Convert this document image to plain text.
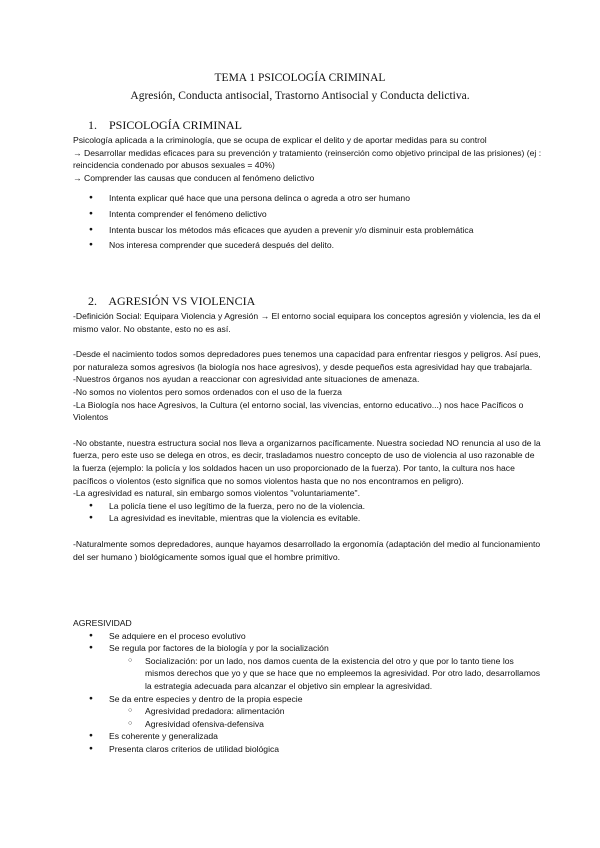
TEMA 1 PSICOLOGÍA CRIMINAL
Agresión, Conducta antisocial, Trastorno Antisocial y Conducta delictiva.
1. PSICOLOGÍA CRIMINAL

Psicología aplicada a la criminología, que se ocupa de explicar el delito y de aportar medidas para su control

→ Desarrollar medidas eficaces para su prevención y tratamiento (reinserción como objetivo principal de las prisiones) (ej : reincidencia condenado por abusos sexuales = 40%)

→ Comprender las causas que conducen al fenómeno delictivo

● Intenta explicar qué hace que una persona delinca o agreda a otro ser humano
● Intenta comprender el fenómeno delictivo
● Intenta buscar los métodos más eficaces que ayuden a prevenir y/o disminuir esta problemática
● Nos interesa comprender que sucederá después del delito.
2. AGRESIÓN VS VIOLENCIA

-Definición Social: Equipara Violencia y Agresión → El entorno social equipara los conceptos agresión y violencia, les da el mismo valor. No obstante, esto no es así.

-Desde el nacimiento todos somos depredadores pues tenemos una capacidad para enfrentar riesgos y peligros. Así pues, por naturaleza somos agresivos (la biología nos hace agresivos), y desde pequeños esta agresividad hay que trabajarla.

-Nuestros órganos nos ayudan a reaccionar con agresividad ante situaciones de amenaza.

-No somos no violentos pero somos ordenados con el uso de la fuerza

-La Biología nos hace Agresivos, la Cultura (el entorno social, las vivencias, entorno educativo...) nos hace Pacíficos o Violentos

-No obstante, nuestra estructura social nos lleva a organizarnos pacíficamente. Nuestra sociedad NO renuncia al uso de la fuerza, pero este uso se delega en otros, es decir, trasladamos nuestro concepto de uso de violencia al uso razonable de la fuerza (ejemplo: la policía y los soldados hacen un uso proporcionado de la fuerza). Por tanto, la cultura nos hace pacíficos o violentos (esto significa que no somos violentos hasta que no nos encontramos en peligro).

-La agresividad es natural, sin embargo somos violentos "voluntariamente".

● La policía tiene el uso legítimo de la fuerza, pero no de la violencia.
● La agresividad es inevitable, mientras que la violencia es evitable.

-Naturalmente somos depredadores, aunque hayamos desarrollado la ergonomía (adaptación del medio al funcionamiento del ser humano ) biológicamente somos igual que el hombre primitivo.

AGRESIVIDAD

● Se adquiere en el proceso evolutivo
● Se regula por factores de la biología y por la socialización
○ Socialización: por un lado, nos damos cuenta de la existencia del otro y que por lo tanto tiene los mismos derechos que yo y que se hace que no empleemos la agresividad. Por otro lado, desarrollamos la estrategia adecuada para alcanzar el objetivo sin emplear la agresividad.
● Se da entre especies y dentro de la propia especie
○ Agresividad predadora: alimentación
○ Agresividad ofensiva-defensiva
● Es coherente y generalizada
● Presenta claros criterios de utilidad biológica
